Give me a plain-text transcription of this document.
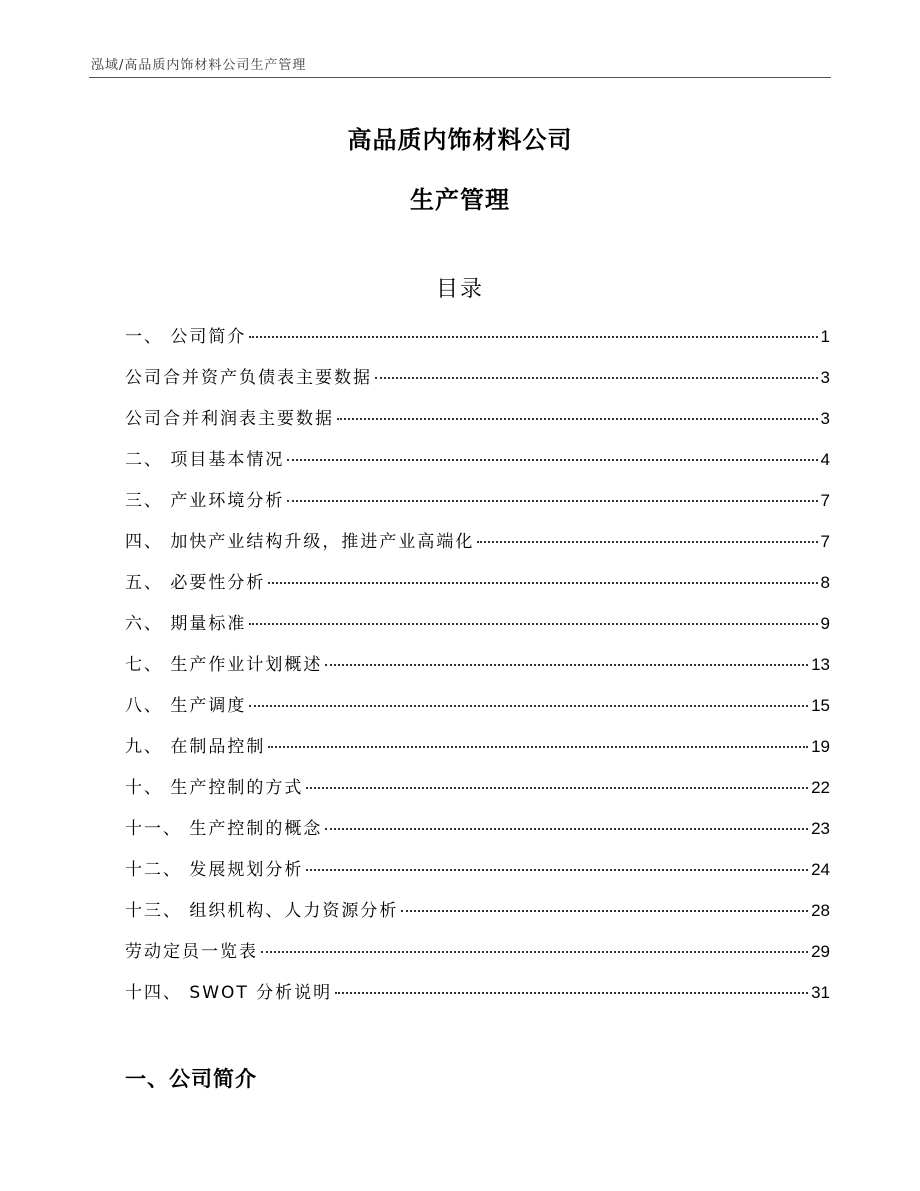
泓域/高品质内饰材料公司生产管理
高品质内饰材料公司
生产管理
目录
一、 公司简介	1
公司合并资产负债表主要数据	3
公司合并利润表主要数据	3
二、 项目基本情况	4
三、 产业环境分析	7
四、 加快产业结构升级，推进产业高端化	7
五、 必要性分析	8
六、 期量标准	9
七、 生产作业计划概述	13
八、 生产调度	15
九、 在制品控制	19
十、 生产控制的方式	22
十一、 生产控制的概念	23
十二、 发展规划分析	24
十三、 组织机构、人力资源分析	28
劳动定员一览表	29
十四、 SWOT 分析说明	31
一、公司简介
